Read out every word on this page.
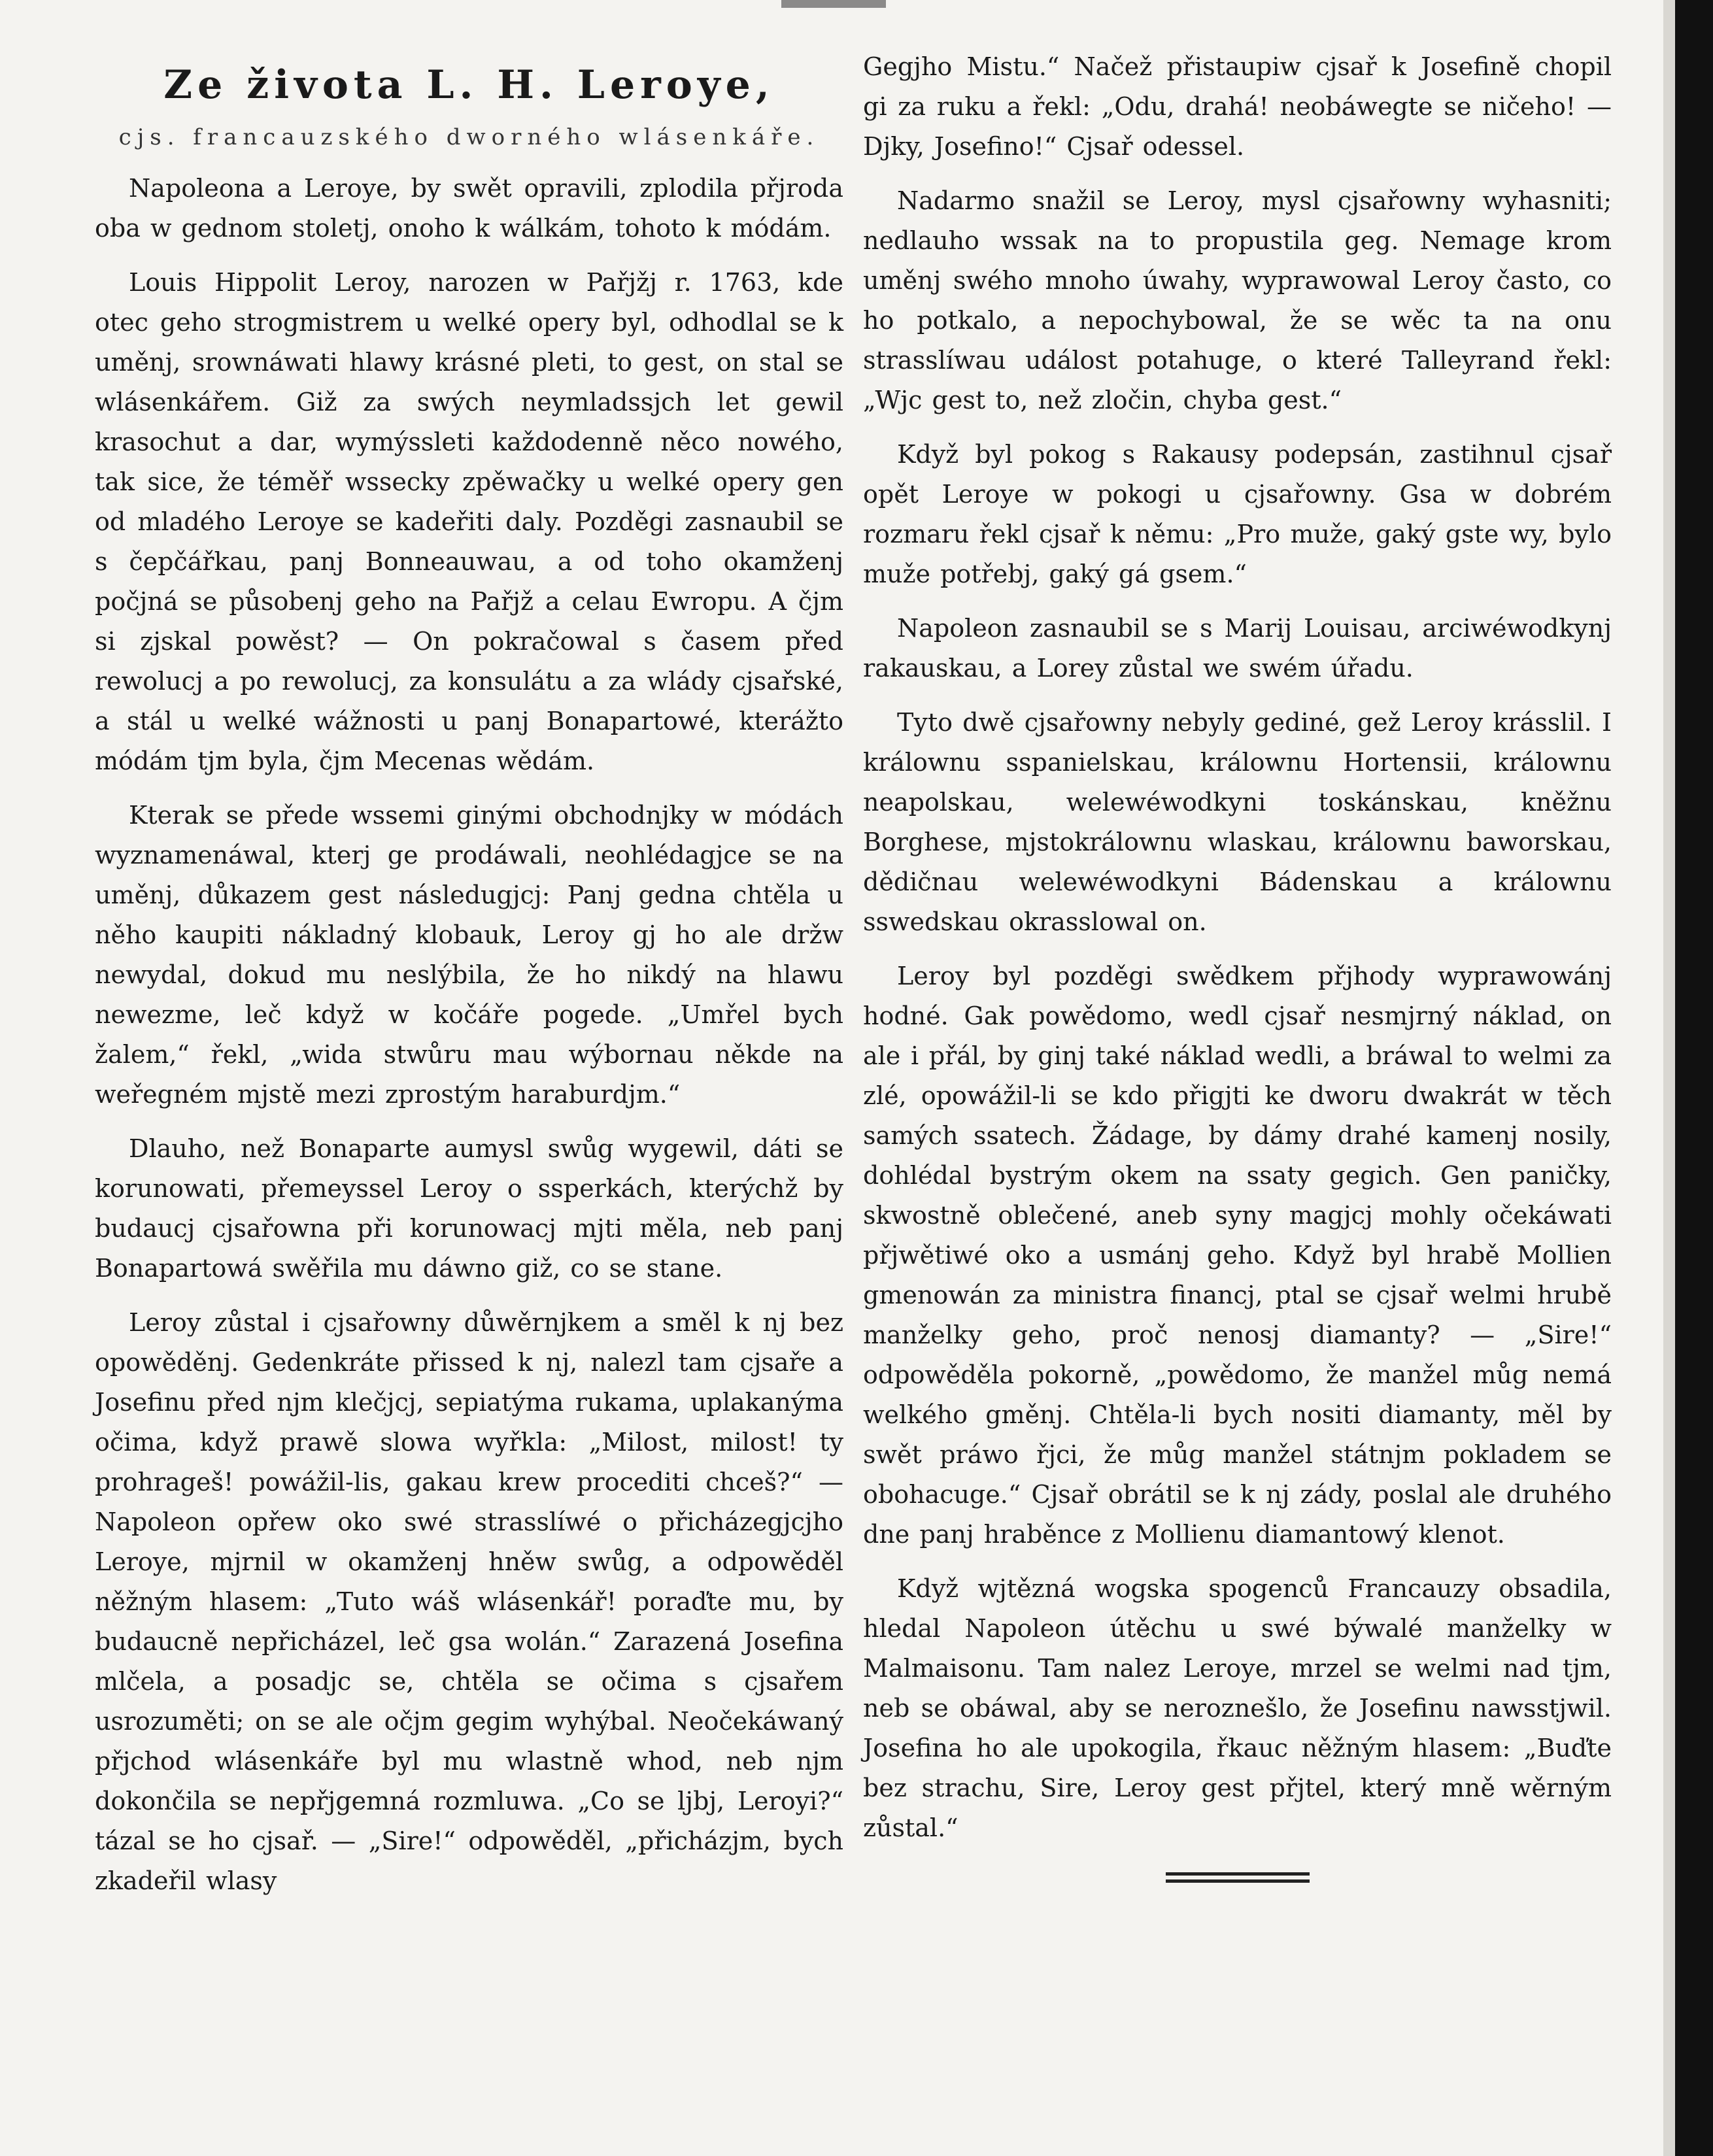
Ze života L. H. Leroye,
cjs. francauzského dworného wlásenkáře.

Napoleona a Leroye, by swět opravili, zplodila přjroda oba w gednom stoletj, onoho k wálkám, tohoto k módám.

Louis Hippolit Leroy, narozen w Pařjžj r. 1763, kde otec geho strogmistrem u welké opery byl, odhodlal se k uměnj, srownáwati hlawy krásné pleti, to gest, on stal se wlásenkářem. Giž za swých neymladssjch let gewil krasochut a dar, wymýssleti každodenně něco nowého, tak sice, že téměř wssecky zpěwačky u welké opery gen od mladého Leroye se kadeřiti daly. Pozděgi zasnaubil se s čepčářkau, panj Bonneauwau, a od toho okamženj počjná se působenj geho na Pařjž a celau Ewropu. A čjm si zjskal powěst? — On pokračowal s časem před rewolucj a po rewolucj, za konsulátu a za wlády cjsařské, a stál u welké wážnosti u panj Bonapartowé, kterážto módám tjm byla, čjm Mecenas wědám.

Kterak se přede wssemi ginými obchodnjky w módách wyznamenáwal, kterj ge prodáwali, neohlédagjce se na uměnj, důkazem gest následugjcj: Panj gedna chtěla u něho kaupiti nákladný klobauk, Leroy gj ho ale držw newydal, dokud mu neslýbila, že ho nikdý na hlawu newezme, leč když w kočáře pogede. „Umřel bych žalem,“ řekl, „wida stwůru mau wýbornau někde na weřegném mjstě mezi zprostým haraburdjm.“

Dlauho, než Bonaparte aumysl swůg wygewil, dáti se korunowati, přemeyssel Leroy o ssperkách, kterýchž by budaucj cjsařowna při korunowacj mjti měla, neb panj Bonapartowá swěřila mu dáwno giž, co se stane.

Leroy zůstal i cjsařowny důwěrnjkem a směl k nj bez opowěděnj. Gedenkráte přissed k nj, nalezl tam cjsaře a Josefinu před njm klečjcj, sepiatýma rukama, uplakanýma očima, když prawě slowa wyřkla: „Milost, milost! ty prohrageš! powážil-lis, gakau krew procediti chceš?“ — Napoleon opřew oko swé strasslíwé o přicházegjcjho Leroye, mjrnil w okamženj hněw swůg, a odpowěděl něžným hlasem: „Tuto wáš wlásenkář! poraďte mu, by budaucně nepřicházel, leč gsa wolán.“ Zarazená Josefina mlčela, a posadjc se, chtěla se očima s cjsařem usrozuměti; on se ale očjm gegim wyhýbal. Neočekáwaný přjchod wlásenkáře byl mu wlastně whod, neb njm dokončila se nepřjgemná rozmluwa. „Co se ljbj, Leroyi?“ tázal se ho cjsař. — „Sire!“ odpowěděl, „přicházjm, bych zkadeřil wlasy

Gegjho Mistu.“ Načež přistaupiw cjsař k Josefině chopil gi za ruku a řekl: „Odu, drahá! neobáwegte se ničeho! — Djky, Josefino!“ Cjsař odessel.

Nadarmo snažil se Leroy, mysl cjsařowny wyhasniti; nedlauho wssak na to propustila geg. Nemage krom uměnj swého mnoho úwahy, wyprawowal Leroy často, co ho potkalo, a nepochybowal, že se wěc ta na onu strasslíwau událost potahuge, o které Talleyrand řekl: „Wjc gest to, než zločin, chyba gest.“

Když byl pokog s Rakausy podepsán, zastihnul cjsař opět Leroye w pokogi u cjsařowny. Gsa w dobrém rozmaru řekl cjsař k němu: „Pro muže, gaký gste wy, bylo muže potřebj, gaký gá gsem.“

Napoleon zasnaubil se s Marij Louisau, arciwéwodkynj rakauskau, a Lorey zůstal we swém úřadu.

Tyto dwě cjsařowny nebyly gediné, gež Leroy krásslil. I králownu sspanielskau, králownu Hortensii, králownu neapolskau, welewéwodkyni toskánskau, kněžnu Borghese, mjstokrálownu wlaskau, králownu baworskau, dědičnau welewéwodkyni Bádenskau a králownu sswedskau okrasslowal on.

Leroy byl pozděgi swědkem přjhody wyprawowánj hodné. Gak powědomo, wedl cjsař nesmjrný náklad, on ale i přál, by ginj také náklad wedli, a bráwal to welmi za zlé, opowážil-li se kdo přigjti ke dworu dwakrát w těch samých ssatech. Žádage, by dámy drahé kamenj nosily, dohlédal bystrým okem na ssaty gegich. Gen paničky, skwostně oblečené, aneb syny magjcj mohly očekáwati přjwětiwé oko a usmánj geho. Když byl hrabě Mollien gmenowán za ministra financj, ptal se cjsař welmi hrubě manželky geho, proč nenosj diamanty? — „Sire!“ odpowěděla pokorně, „powědomo, že manžel můg nemá welkého gměnj. Chtěla-li bych nositi diamanty, měl by swět práwo řjci, že můg manžel státnjm pokladem se obohacuge.“ Cjsař obrátil se k nj zády, poslal ale druhého dne panj hraběnce z Mollienu diamantowý klenot.

Když wjtězná wogska spogenců Francauzy obsadila, hledal Napoleon útěchu u swé býwalé manželky w Malmaisonu. Tam nalez Leroye, mrzel se welmi nad tjm, neb se obáwal, aby se neroznešlo, že Josefinu nawsstjwil. Josefina ho ale upokogila, řkauc něžným hlasem: „Buďte bez strachu, Sire, Leroy gest přjtel, který mně wěrným zůstal.“
